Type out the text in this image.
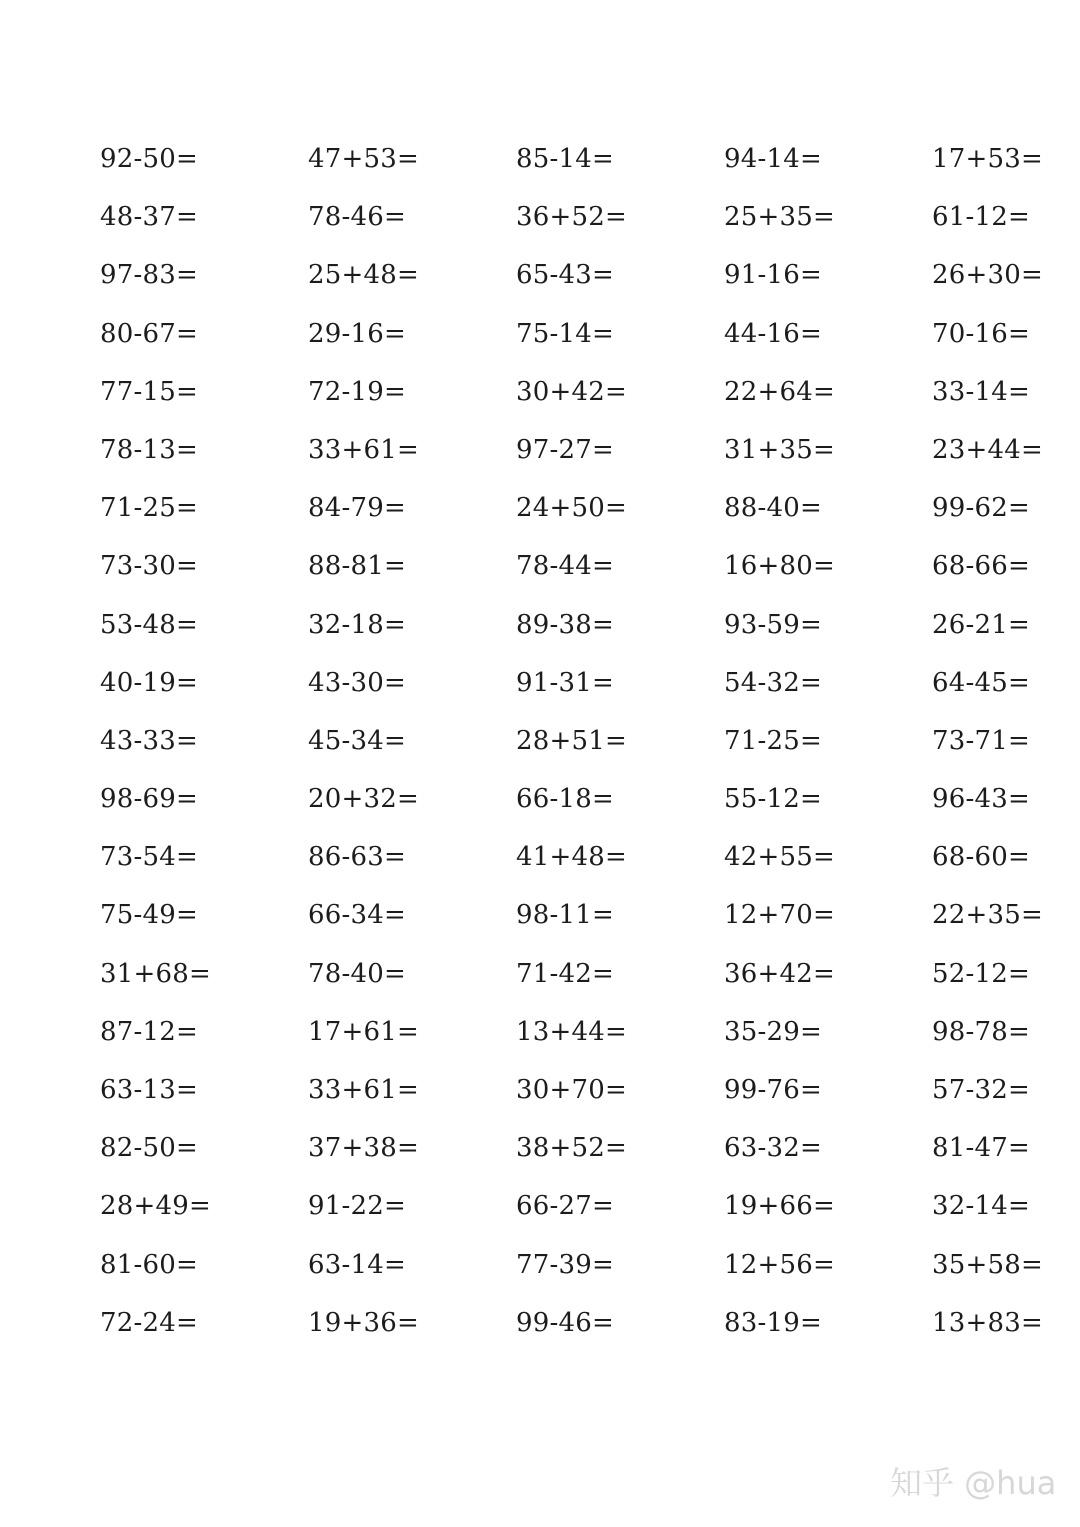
92-50=	47+53=	85-14=	94-14=	17+53=
48-37=	78-46=	36+52=	25+35=	61-12=
97-83=	25+48=	65-43=	91-16=	26+30=
80-67=	29-16=	75-14=	44-16=	70-16=
77-15=	72-19=	30+42=	22+64=	33-14=
78-13=	33+61=	97-27=	31+35=	23+44=
71-25=	84-79=	24+50=	88-40=	99-62=
73-30=	88-81=	78-44=	16+80=	68-66=
53-48=	32-18=	89-38=	93-59=	26-21=
40-19=	43-30=	91-31=	54-32=	64-45=
43-33=	45-34=	28+51=	71-25=	73-71=
98-69=	20+32=	66-18=	55-12=	96-43=
73-54=	86-63=	41+48=	42+55=	68-60=
75-49=	66-34=	98-11=	12+70=	22+35=
31+68=	78-40=	71-42=	36+42=	52-12=
87-12=	17+61=	13+44=	35-29=	98-78=
63-13=	33+61=	30+70=	99-76=	57-32=
82-50=	37+38=	38+52=	63-32=	81-47=
28+49=	91-22=	66-27=	19+66=	32-14=
81-60=	63-14=	77-39=	12+56=	35+58=
72-24=	19+36=	99-46=	83-19=	13+83=
知乎 @hua
